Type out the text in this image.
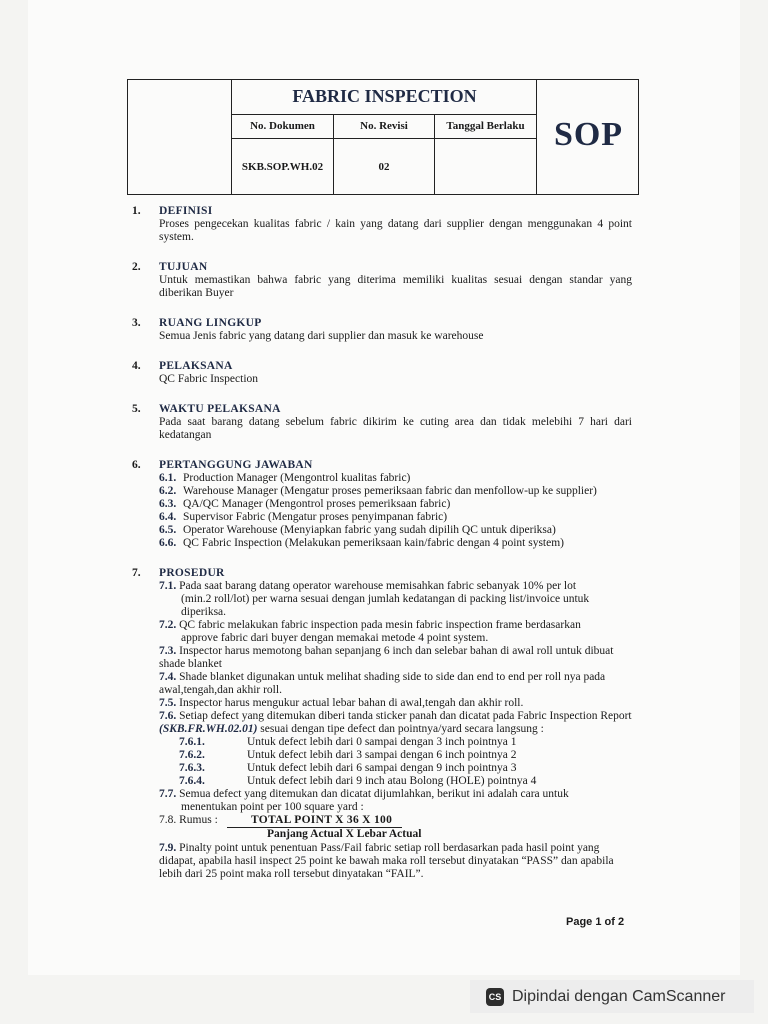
FABRIC INSPECTION
No. Dokumen	No. Revisi	Tanggal Berlaku
SKB.SOP.WH.02	02
SOP
1. DEFINISI
Proses pengecekan kualitas fabric / kain yang datang dari supplier dengan menggunakan 4 point system.
2. TUJUAN
Untuk memastikan bahwa fabric yang diterima memiliki kualitas sesuai dengan standar yang diberikan Buyer
3. RUANG LINGKUP
Semua Jenis fabric yang datang dari supplier dan masuk ke warehouse
4. PELAKSANA
QC Fabric Inspection
5. WAKTU PELAKSANA
Pada saat barang datang sebelum fabric dikirim ke cuting area dan tidak melebihi 7 hari dari kedatangan
6. PERTANGGUNG JAWABAN
6.1. Production Manager (Mengontrol kualitas fabric)
6.2. Warehouse Manager (Mengatur proses pemeriksaan fabric dan menfollow-up ke supplier)
6.3. QA/QC Manager (Mengontrol proses pemeriksaan fabric)
6.4. Supervisor Fabric (Mengatur proses penyimpanan fabric)
6.5. Operator Warehouse (Menyiapkan fabric yang sudah dipilih QC untuk diperiksa)
6.6. QC Fabric Inspection (Melakukan pemeriksaan kain/fabric dengan 4 point system)
7. PROSEDUR
7.1. Pada saat barang datang operator warehouse memisahkan fabric sebanyak 10% per lot
(min.2 roll/lot) per warna sesuai dengan jumlah kedatangan di packing list/invoice untuk diperiksa.
7.2. QC fabric melakukan fabric inspection pada mesin fabric inspection frame berdasarkan
approve fabric dari buyer dengan memakai metode 4 point system.
7.3. Inspector harus memotong bahan sepanjang 6 inch dan selebar bahan di awal roll untuk dibuat shade blanket
7.4. Shade blanket digunakan untuk melihat shading side to side dan end to end per roll nya pada awal,tengah,dan akhir roll.
7.5. Inspector harus mengukur actual lebar bahan di awal,tengah dan akhir roll.
7.6. Setiap defect yang ditemukan diberi tanda sticker panah dan dicatat pada Fabric Inspection Report (SKB.FR.WH.02.01) sesuai dengan tipe defect dan pointnya/yard secara langsung :
7.6.1.	Untuk defect lebih dari 0 sampai dengan 3 inch pointnya 1
7.6.2.	Untuk defect lebih dari 3 sampai dengan 6 inch pointnya 2
7.6.3.	Untuk defect lebih dari 6 sampai dengan 9 inch pointnya 3
7.6.4.	Untuk defect lebih dari 9 inch atau Bolong (HOLE) pointnya 4
7.7. Semua defect yang ditemukan dan dicatat dijumlahkan, berikut ini adalah cara untuk
menentukan point per 100 square yard :
7.8. Rumus :	TOTAL POINT X 36 X 100
Panjang Actual X Lebar Actual
7.9. Pinalty point untuk penentuan Pass/Fail fabric setiap roll berdasarkan pada hasil point yang didapat, apabila hasil inspect 25 point ke bawah maka roll tersebut dinyatakan “PASS” dan apabila lebih dari 25 point maka roll tersebut dinyatakan “FAIL”.
Page 1 of 2
CS Dipindai dengan CamScanner
